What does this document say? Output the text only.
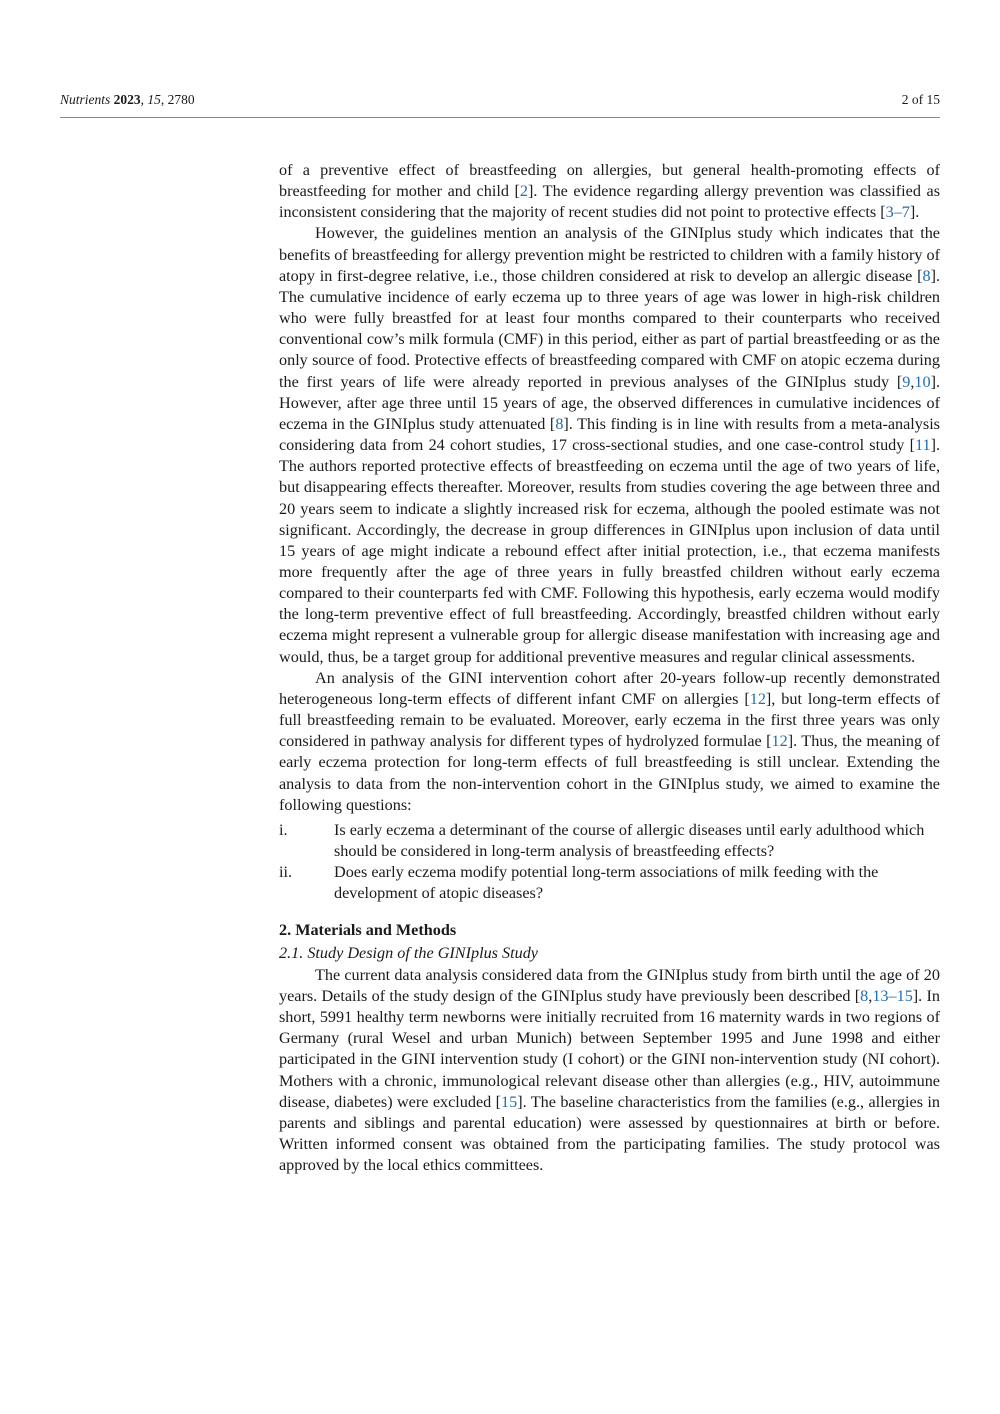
Nutrients 2023, 15, 2780	2 of 15

of a preventive effect of breastfeeding on allergies, but general health-promoting effects of breastfeeding for mother and child [2]. The evidence regarding allergy prevention was classified as inconsistent considering that the majority of recent studies did not point to protective effects [3–7].

However, the guidelines mention an analysis of the GINIplus study which indicates that the benefits of breastfeeding for allergy prevention might be restricted to children with a family history of atopy in first-degree relative, i.e., those children considered at risk to develop an allergic disease [8]. The cumulative incidence of early eczema up to three years of age was lower in high-risk children who were fully breastfed for at least four months compared to their counterparts who received conventional cow’s milk formula (CMF) in this period, either as part of partial breastfeeding or as the only source of food. Protective effects of breastfeeding compared with CMF on atopic eczema during the first years of life were already reported in previous analyses of the GINIplus study [9,10]. However, after age three until 15 years of age, the observed differences in cumulative incidences of eczema in the GINIplus study attenuated [8]. This finding is in line with results from a meta-analysis considering data from 24 cohort studies, 17 cross-sectional studies, and one case-control study [11]. The authors reported protective effects of breastfeeding on eczema until the age of two years of life, but disappearing effects thereafter. Moreover, results from studies covering the age between three and 20 years seem to indicate a slightly increased risk for eczema, although the pooled estimate was not significant. Accordingly, the decrease in group differences in GINIplus upon inclusion of data until 15 years of age might indicate a rebound effect after initial protection, i.e., that eczema manifests more frequently after the age of three years in fully breastfed children without early eczema compared to their counterparts fed with CMF. Following this hypothesis, early eczema would modify the long-term preventive effect of full breastfeeding. Accordingly, breastfed children without early eczema might represent a vulnerable group for allergic disease manifestation with increasing age and would, thus, be a target group for additional preventive measures and regular clinical assessments.

An analysis of the GINI intervention cohort after 20-years follow-up recently demonstrated heterogeneous long-term effects of different infant CMF on allergies [12], but long-term effects of full breastfeeding remain to be evaluated. Moreover, early eczema in the first three years was only considered in pathway analysis for different types of hydrolyzed formulae [12]. Thus, the meaning of early eczema protection for long-term effects of full breastfeeding is still unclear. Extending the analysis to data from the non-intervention cohort in the GINIplus study, we aimed to examine the following questions:

i.	Is early eczema a determinant of the course of allergic diseases until early adulthood which should be considered in long-term analysis of breastfeeding effects?
ii.	Does early eczema modify potential long-term associations of milk feeding with the development of atopic diseases?
2. Materials and Methods
2.1. Study Design of the GINIplus Study

The current data analysis considered data from the GINIplus study from birth until the age of 20 years. Details of the study design of the GINIplus study have previously been described [8,13–15]. In short, 5991 healthy term newborns were initially recruited from 16 maternity wards in two regions of Germany (rural Wesel and urban Munich) between September 1995 and June 1998 and either participated in the GINI intervention study (I cohort) or the GINI non-intervention study (NI cohort). Mothers with a chronic, immunological relevant disease other than allergies (e.g., HIV, autoimmune disease, diabetes) were excluded [15]. The baseline characteristics from the families (e.g., allergies in parents and siblings and parental education) were assessed by questionnaires at birth or before. Written informed consent was obtained from the participating families. The study protocol was approved by the local ethics committees.
